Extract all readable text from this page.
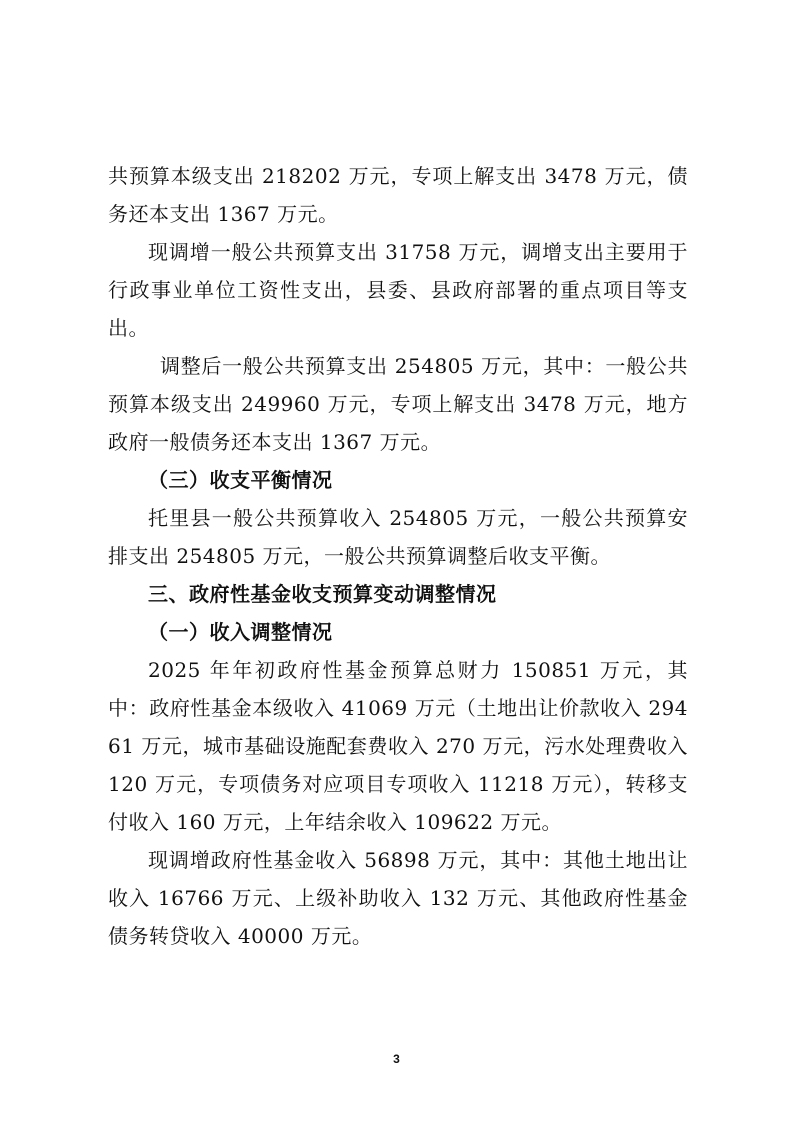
共预算本级支出 218202 万元，专项上解支出 3478 万元，债务还本支出 1367 万元。

现调增一般公共预算支出 31758 万元，调增支出主要用于行政事业单位工资性支出，县委、县政府部署的重点项目等支出。

调整后一般公共预算支出 254805 万元，其中：一般公共预算本级支出 249960 万元，专项上解支出 3478 万元，地方政府一般债务还本支出 1367 万元。

（三）收支平衡情况

托里县一般公共预算收入 254805 万元，一般公共预算安排支出 254805 万元，一般公共预算调整后收支平衡。

三、政府性基金收支预算变动调整情况

（一）收入调整情况

2025 年年初政府性基金预算总财力 150851 万元，其中：政府性基金本级收入 41069 万元（土地出让价款收入 29461 万元，城市基础设施配套费收入 270 万元，污水处理费收入 120 万元，专项债务对应项目专项收入 11218 万元），转移支付收入 160 万元，上年结余收入 109622 万元。

现调增政府性基金收入 56898 万元，其中：其他土地出让收入 16766 万元、上级补助收入 132 万元、其他政府性基金债务转贷收入 40000 万元。

3
